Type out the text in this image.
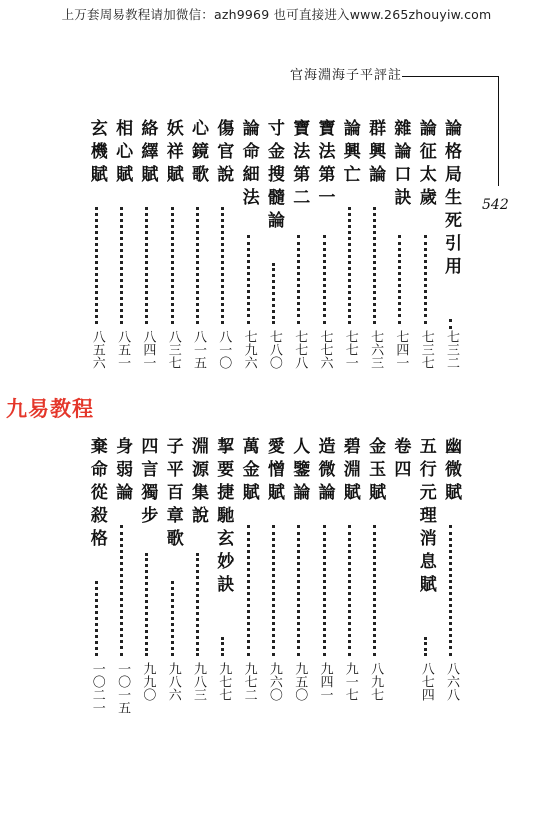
上万套周易教程请加微信：azh9969 也可直接进入www.265zhouyiw.com
官海淵海子平評註
542
九易教程
論格局生死引用
七三二
論征太歲
七三七
雜論口訣
七四一
群興論
七六三
論興亡
七七一
寶法第一
七七六
寶法第二
七七八
寸金搜髓論
七八〇
論命細法
七九六
傷官說
八一〇
心鏡歌
八一五
妖祥賦
八三七
絡繹賦
八四一
相心賦
八五一
玄機賦
八五六
幽微賦
八六八
五行元理消息賦
八七四
卷四
金玉賦
八九七
碧淵賦
九一七
造微論
九四一
人鑒論
九五〇
愛憎賦
九六〇
萬金賦
九七二
挈要捷馳玄妙訣
九七七
淵源集說
九八三
子平百章歌
九八六
四言獨步
九九〇
身弱論
一〇一五
棄命從殺格
一〇二一
